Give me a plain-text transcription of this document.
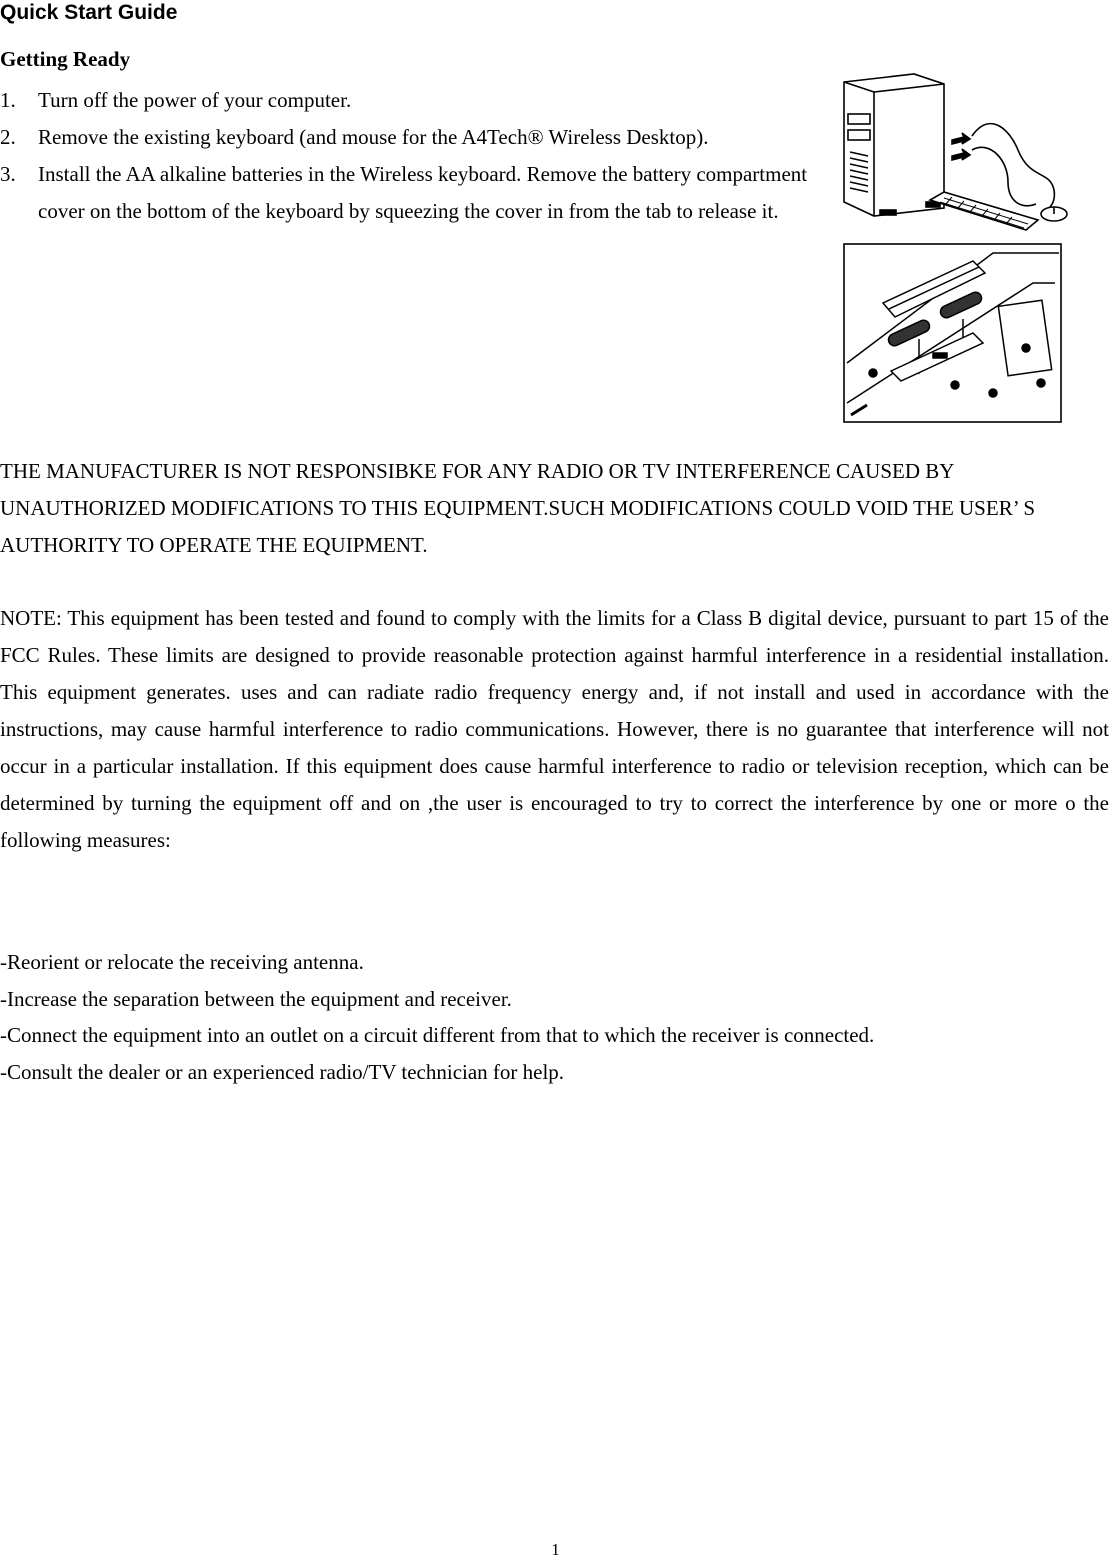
Quick Start Guide
Getting Ready
1. Turn off the power of your computer.
2. Remove the existing keyboard (and mouse for the A4Tech® Wireless Desktop).
3. Install the AA alkaline batteries in the Wireless keyboard. Remove the battery compartment cover on the bottom of the keyboard by squeezing the cover in from the tab to release it.
THE MANUFACTURER IS NOT RESPONSIBKE FOR ANY RADIO OR TV INTERFERENCE CAUSED BY UNAUTHORIZED MODIFICATIONS TO THIS EQUIPMENT.SUCH MODIFICATIONS COULD VOID THE USER’ S AUTHORITY TO OPERATE THE EQUIPMENT.
NOTE: This equipment has been tested and found to comply with the limits for a Class B digital device, pursuant to part 15 of the FCC Rules. These limits are designed to provide reasonable protection against harmful interference in a residential installation. This equipment generates. uses and can radiate radio frequency energy and, if not install and used in accordance with the instructions, may cause harmful interference to radio communications. However, there is no guarantee that interference will not occur in a particular installation. If this equipment does cause harmful interference to radio or television reception, which can be determined by turning the equipment off and on ,the user is encouraged to try to correct the interference by one or more o the following measures:
-Reorient or relocate the receiving antenna.
-Increase the separation between the equipment and receiver.
-Connect the equipment into an outlet on a circuit different from that to which the receiver is connected.
-Consult the dealer or an experienced radio/TV technician for help.
1
